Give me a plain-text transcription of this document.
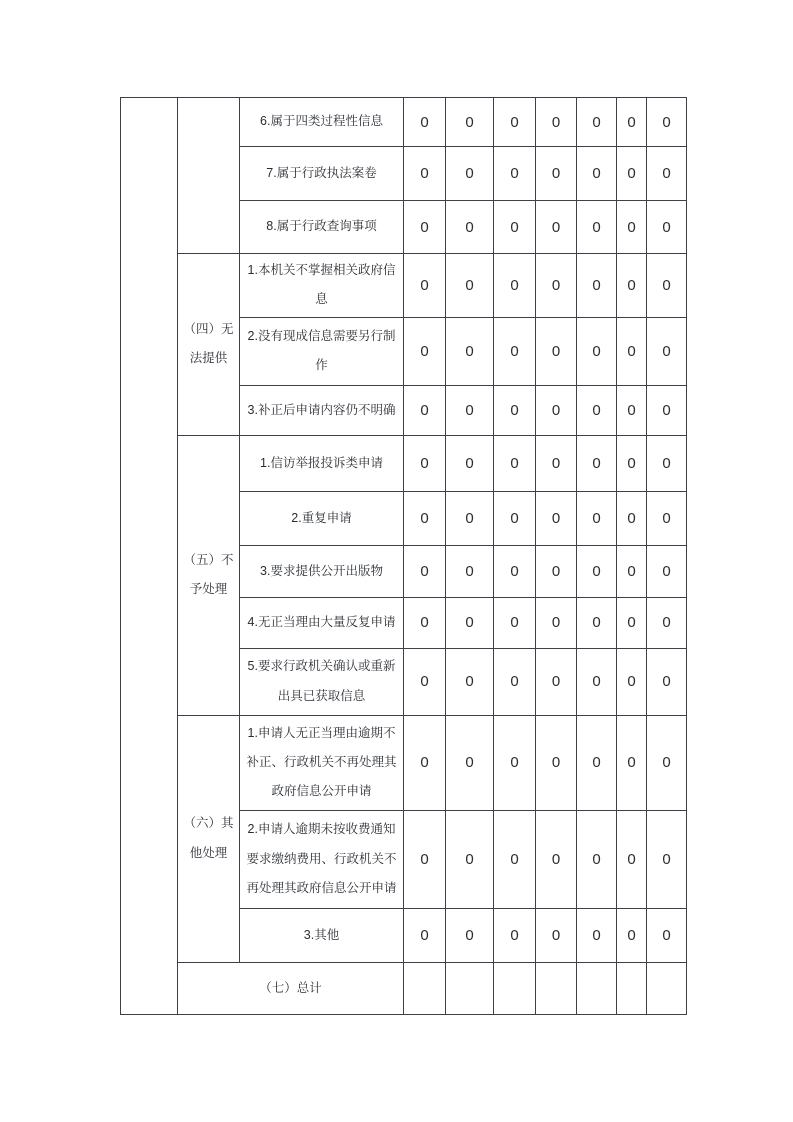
		6.属于四类过程性信息	0	0	0	0	0	0	0
		7.属于行政执法案卷	0	0	0	0	0	0	0
		8.属于行政查询事项	0	0	0	0	0	0	0
	（四）无法提供	1.本机关不掌握相关政府信息	0	0	0	0	0	0	0
		2.没有现成信息需要另行制作	0	0	0	0	0	0	0
		3.补正后申请内容仍不明确	0	0	0	0	0	0	0
	（五）不予处理	1.信访举报投诉类申请	0	0	0	0	0	0	0
		2.重复申请	0	0	0	0	0	0	0
		3.要求提供公开出版物	0	0	0	0	0	0	0
		4.无正当理由大量反复申请	0	0	0	0	0	0	0
		5.要求行政机关确认或重新出具已获取信息	0	0	0	0	0	0	0
	（六）其他处理	1.申请人无正当理由逾期不补正、行政机关不再处理其政府信息公开申请	0	0	0	0	0	0	0
		2.申请人逾期未按收费通知要求缴纳费用、行政机关不再处理其政府信息公开申请	0	0	0	0	0	0	0
		3.其他	0	0	0	0	0	0	0
	（七）总计								
